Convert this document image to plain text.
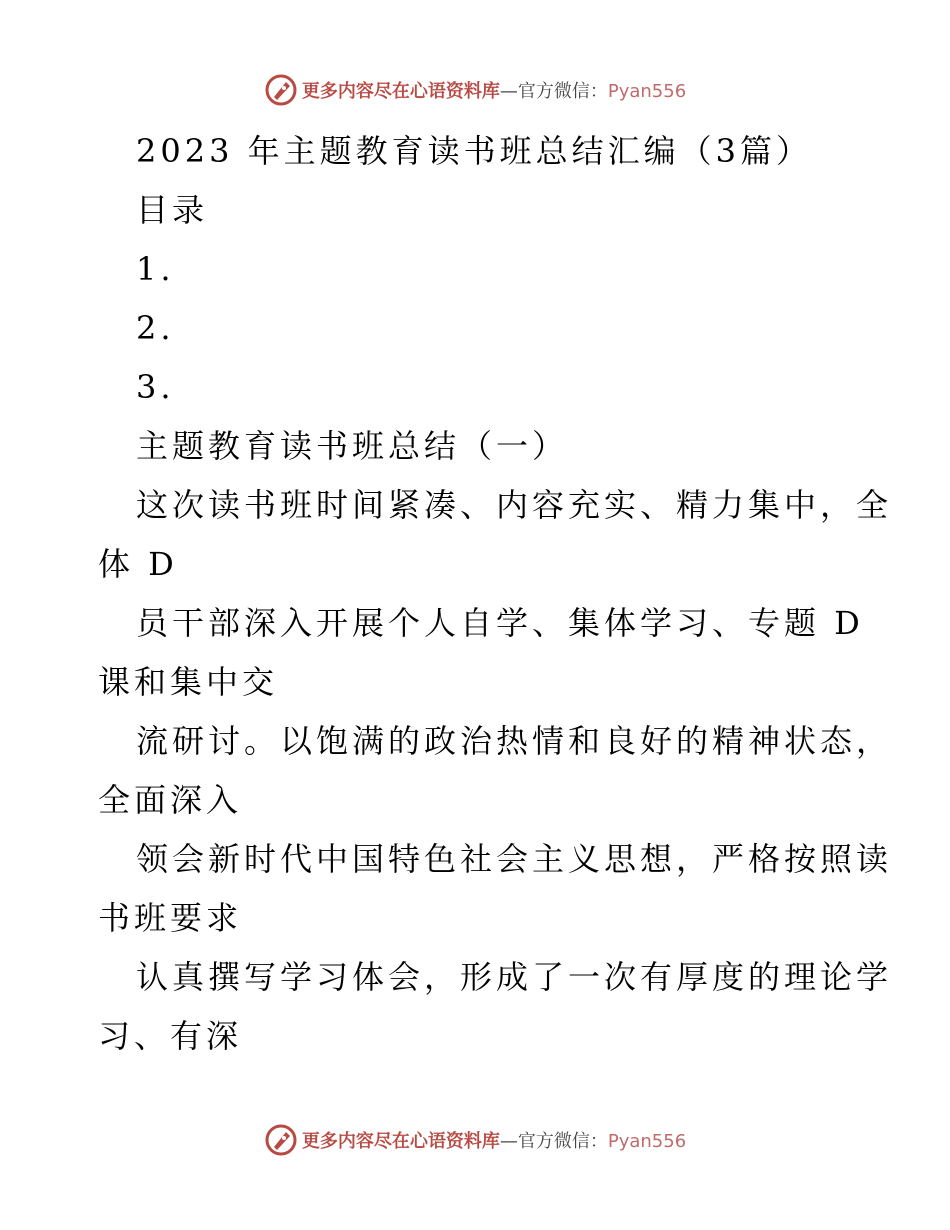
更多内容尽在心语资料库—官方微信：Pyan556
2023 年主题教育读书班总结汇编（3篇）
目录
1.
2.
3.
主题教育读书班总结（一）
这次读书班时间紧凑、内容充实、精力集中，全
体 D
员干部深入开展个人自学、集体学习、专题 D
课和集中交
流研讨。以饱满的政治热情和良好的精神状态，
全面深入
领会新时代中国特色社会主义思想，严格按照读
书班要求
认真撰写学习体会，形成了一次有厚度的理论学
习、有深
更多内容尽在心语资料库—官方微信：Pyan556
